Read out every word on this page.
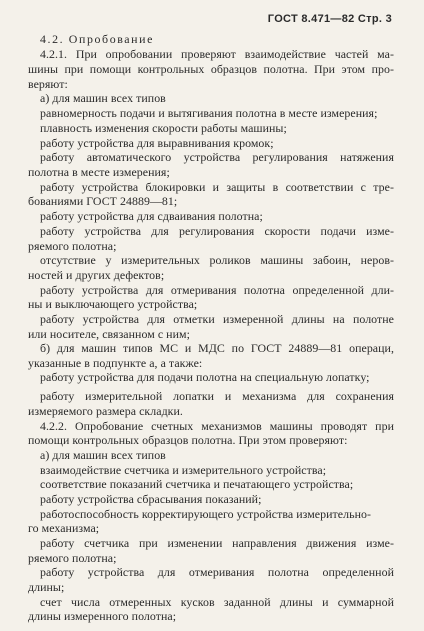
ГОСТ 8.471—82 Стр. 3
4.2. Опробование
4.2.1. При опробовании проверяют взаимодействие частей ма-
шины при помощи контрольных образцов полотна. При этом про-
веряют:
а) для машин всех типов
равномерность подачи и вытягивания полотна в месте измерения;
плавность изменения скорости работы машины;
работу устройства для выравнивания кромок;
работу автоматического устройства регулирования натяжения
полотна в месте измерения;
работу устройства блокировки и защиты в соответствии с тре-
бованиями ГОСТ 24889—81;
работу устройства для сдваивания полотна;
работу устройства для регулирования скорости подачи изме-
ряемого полотна;
отсутствие у измерительных роликов машины забоин, неров-
ностей и других дефектов;
работу устройства для отмеривания полотна определенной дли-
ны и выключающего устройства;
работу устройства для отметки измеренной длины на полотне
или носителе, связанном с ним;
б) для машин типов МС и МДС по ГОСТ 24889—81 операци,
указанные в подпункте а, а также:
работу устройства для подачи полотна на специальную лопатку;
работу измерительной лопатки и механизма для сохранения
измеряемого размера складки.
4.2.2. Опробование счетных механизмов машины проводят при
помощи контрольных образцов полотна. При этом проверяют:
а) для машин всех типов
взаимодействие счетчика и измерительного устройства;
соответствие показаний счетчика и печатающего устройства;
работу устройства сбрасывания показаний;
работоспособность корректирующего устройства измерительно-
го механизма;
работу счетчика при изменении направления движения изме-
ряемого полотна;
работу устройства для отмеривания полотна определенной
длины;
счет числа отмеренных кусков заданной длины и суммарной
длины измеренного полотна;
